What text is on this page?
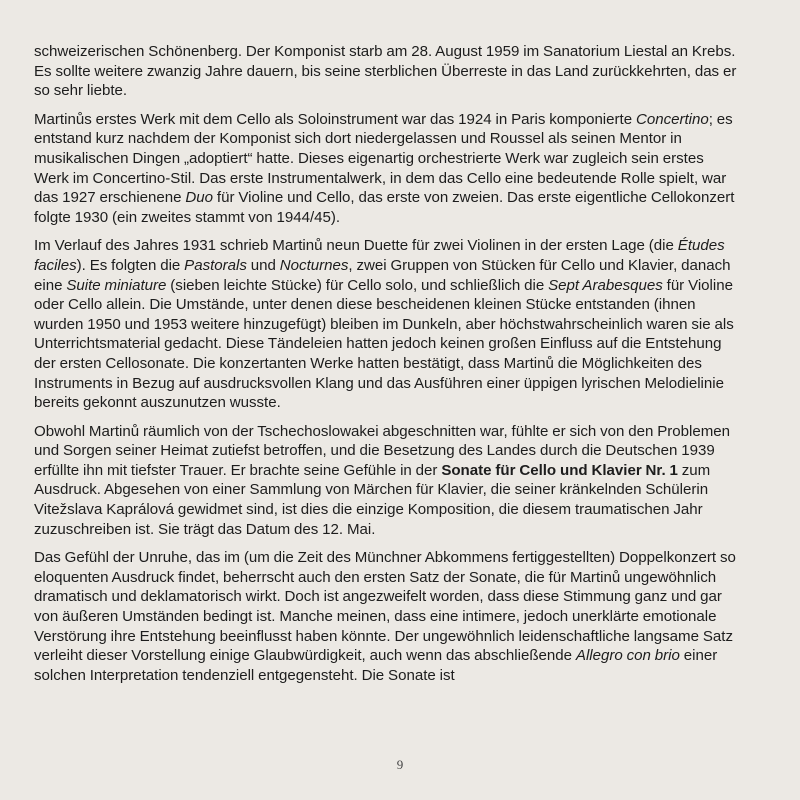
schweizerischen Schönenberg. Der Komponist starb am 28. August 1959 im Sanatorium Liestal an Krebs. Es sollte weitere zwanzig Jahre dauern, bis seine sterblichen Überreste in das Land zurückkehrten, das er so sehr liebte.

Martinůs erstes Werk mit dem Cello als Soloinstrument war das 1924 in Paris komponierte Concertino; es entstand kurz nachdem der Komponist sich dort niedergelassen und Roussel als seinen Mentor in musikalischen Dingen „adoptiert“ hatte. Dieses eigenartig orchestrierte Werk war zugleich sein erstes Werk im Concertino-Stil. Das erste Instrumentalwerk, in dem das Cello eine bedeutende Rolle spielt, war das 1927 erschienene Duo für Violine und Cello, das erste von zweien. Das erste eigentliche Cellokonzert folgte 1930 (ein zweites stammt von 1944/45).

Im Verlauf des Jahres 1931 schrieb Martinů neun Duette für zwei Violinen in der ersten Lage (die Études faciles). Es folgten die Pastorals und Nocturnes, zwei Gruppen von Stücken für Cello und Klavier, danach eine Suite miniature (sieben leichte Stücke) für Cello solo, und schließlich die Sept Arabesques für Violine oder Cello allein. Die Umstände, unter denen diese bescheidenen kleinen Stücke entstanden (ihnen wurden 1950 und 1953 weitere hinzugefügt) bleiben im Dunkeln, aber höchstwahrscheinlich waren sie als Unterrichtsmaterial gedacht. Diese Tändeleien hatten jedoch keinen großen Einfluss auf die Entstehung der ersten Cellosonate. Die konzertanten Werke hatten bestätigt, dass Martinů die Möglichkeiten des Instruments in Bezug auf ausdrucksvollen Klang und das Ausführen einer üppigen lyrischen Melodielinie bereits gekonnt auszunutzen wusste.

Obwohl Martinů räumlich von der Tschechoslowakei abgeschnitten war, fühlte er sich von den Problemen und Sorgen seiner Heimat zutiefst betroffen, und die Besetzung des Landes durch die Deutschen 1939 erfüllte ihn mit tiefster Trauer. Er brachte seine Gefühle in der Sonate für Cello und Klavier Nr. 1 zum Ausdruck. Abgesehen von einer Sammlung von Märchen für Klavier, die seiner kränkelnden Schülerin Vitežslava Kaprálová gewidmet sind, ist dies die einzige Komposition, die diesem traumatischen Jahr zuzuschreiben ist. Sie trägt das Datum des 12. Mai.

Das Gefühl der Unruhe, das im (um die Zeit des Münchner Abkommens fertiggestellten) Doppelkonzert so eloquenten Ausdruck findet, beherrscht auch den ersten Satz der Sonate, die für Martinů ungewöhnlich dramatisch und deklamatorisch wirkt. Doch ist angezweifelt worden, dass diese Stimmung ganz und gar von äußeren Umständen bedingt ist. Manche meinen, dass eine intimere, jedoch unerklärte emotionale Verstörung ihre Entstehung beeinflusst haben könnte. Der ungewöhnlich leidenschaftliche langsame Satz verleiht dieser Vorstellung einige Glaubwürdigkeit, auch wenn das abschließende Allegro con brio einer solchen Interpretation tendenziell entgegensteht. Die Sonate ist

9
